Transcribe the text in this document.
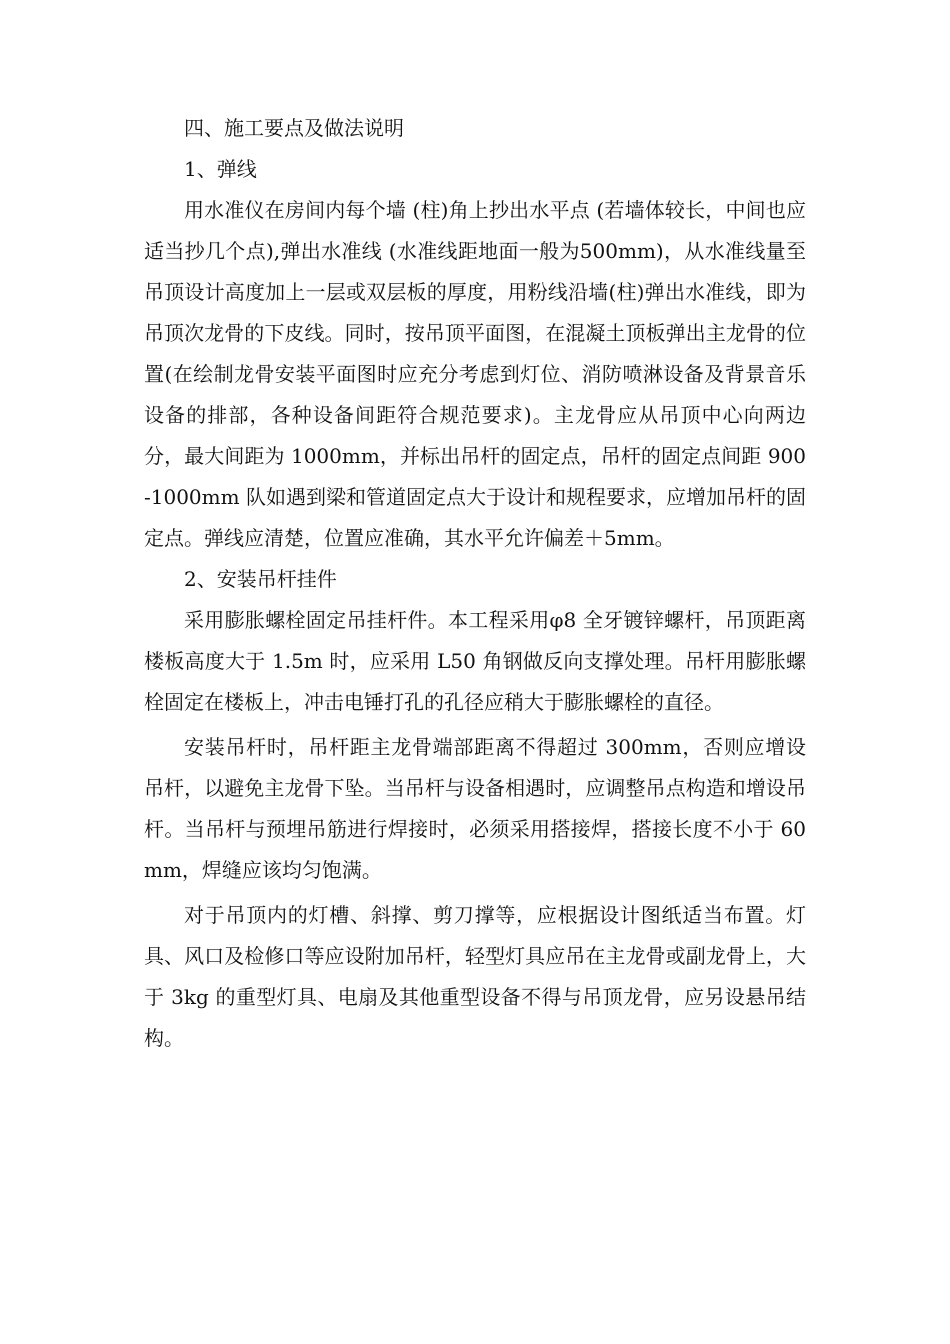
四、施工要点及做法说明

1、弹线

用水准仪在房间内每个墙 (柱)角上抄出水平点 (若墙体较长，中间也应适当抄几个点),弹出水准线 (水准线距地面一般为500mm)，从水准线量至吊顶设计高度加上一层或双层板的厚度，用粉线沿墙(柱)弹出水准线，即为吊顶次龙骨的下皮线。同时，按吊顶平面图，在混凝土顶板弹出主龙骨的位置(在绘制龙骨安装平面图时应充分考虑到灯位、消防喷淋设备及背景音乐设备的排部，各种设备间距符合规范要求)。主龙骨应从吊顶中心向两边分，最大间距为 1000mm，并标出吊杆的固定点，吊杆的固定点间距 900-1000mm 队如遇到梁和管道固定点大于设计和规程要求，应增加吊杆的固定点。弹线应清楚，位置应准确，其水平允许偏差＋5mm。

2、安装吊杆挂件

采用膨胀螺栓固定吊挂杆件。本工程采用φ8 全牙镀锌螺杆，吊顶距离楼板高度大于 1.5m 时，应采用 L50 角钢做反向支撑处理。吊杆用膨胀螺栓固定在楼板上，冲击电锤打孔的孔径应稍大于膨胀螺栓的直径。

安装吊杆时，吊杆距主龙骨端部距离不得超过 300mm，否则应增设吊杆，以避免主龙骨下坠。当吊杆与设备相遇时，应调整吊点构造和增设吊杆。当吊杆与预埋吊筋进行焊接时，必须采用搭接焊，搭接长度不小于 60mm，焊缝应该均匀饱满。

对于吊顶内的灯槽、斜撑、剪刀撑等，应根据设计图纸适当布置。灯具、风口及检修口等应设附加吊杆，轻型灯具应吊在主龙骨或副龙骨上，大于 3kg 的重型灯具、电扇及其他重型设备不得与吊顶龙骨，应另设悬吊结构。
